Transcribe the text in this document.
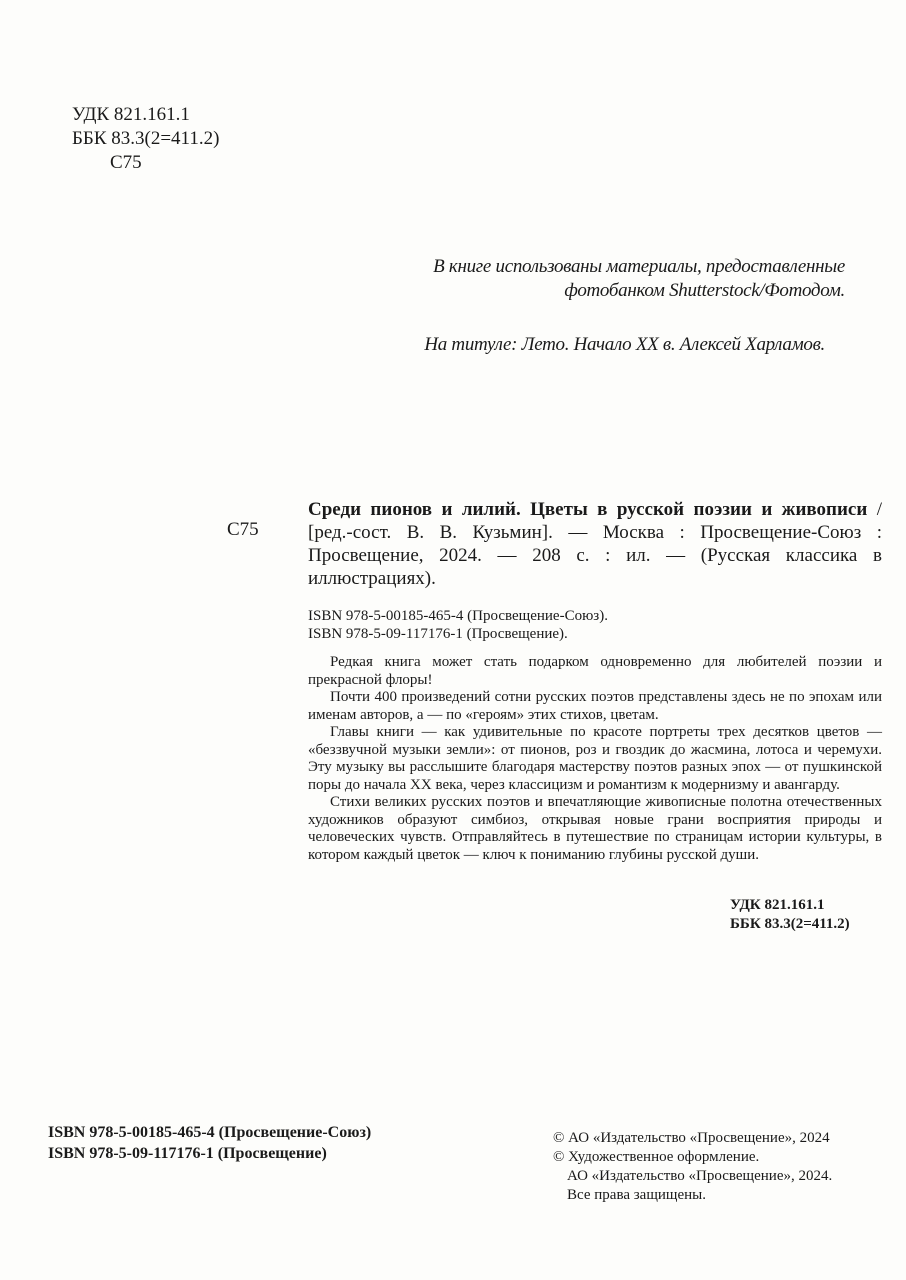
УДК 821.161.1
ББК 83.3(2=411.2)
С75
В книге использованы материалы, предоставленные
фотобанком Shutterstock/Фотодом.
На титуле: Лето. Начало XX в. Алексей Харламов.
С75
Среди пионов и лилий. Цветы в русской поэзии и живописи / [ред.-сост. В. В. Кузьмин]. — Москва : Просвещение-Союз : Просвещение, 2024. — 208 с. : ил. — (Русская классика в иллюстрациях).
ISBN 978-5-00185-465-4 (Просвещение-Союз).
ISBN 978-5-09-117176-1 (Просвещение).

Редкая книга может стать подарком одновременно для любителей поэзии и прекрасной флоры!

Почти 400 произведений сотни русских поэтов представлены здесь не по эпохам или именам авторов, а — по «героям» этих стихов, цветам.

Главы книги — как удивительные по красоте портреты трех десятков цветов — «беззвучной музыки земли»: от пионов, роз и гвоздик до жасмина, лотоса и черемухи. Эту музыку вы расслышите благодаря мастерству поэтов разных эпох — от пушкинской поры до начала XX века, через классицизм и романтизм к модернизму и авангарду.

Стихи великих русских поэтов и впечатляющие живописные полотна отечественных художников образуют симбиоз, открывая новые грани восприятия природы и человеческих чувств. Отправляйтесь в путешествие по страницам истории культуры, в котором каждый цветок — ключ к пониманию глубины русской души.

УДК 821.161.1
ББК 83.3(2=411.2)
ISBN 978-5-00185-465-4 (Просвещение-Союз)
ISBN 978-5-09-117176-1 (Просвещение)
© АО «Издательство «Просвещение», 2024
© Художественное оформление.
АО «Издательство «Просвещение», 2024.
Все права защищены.
